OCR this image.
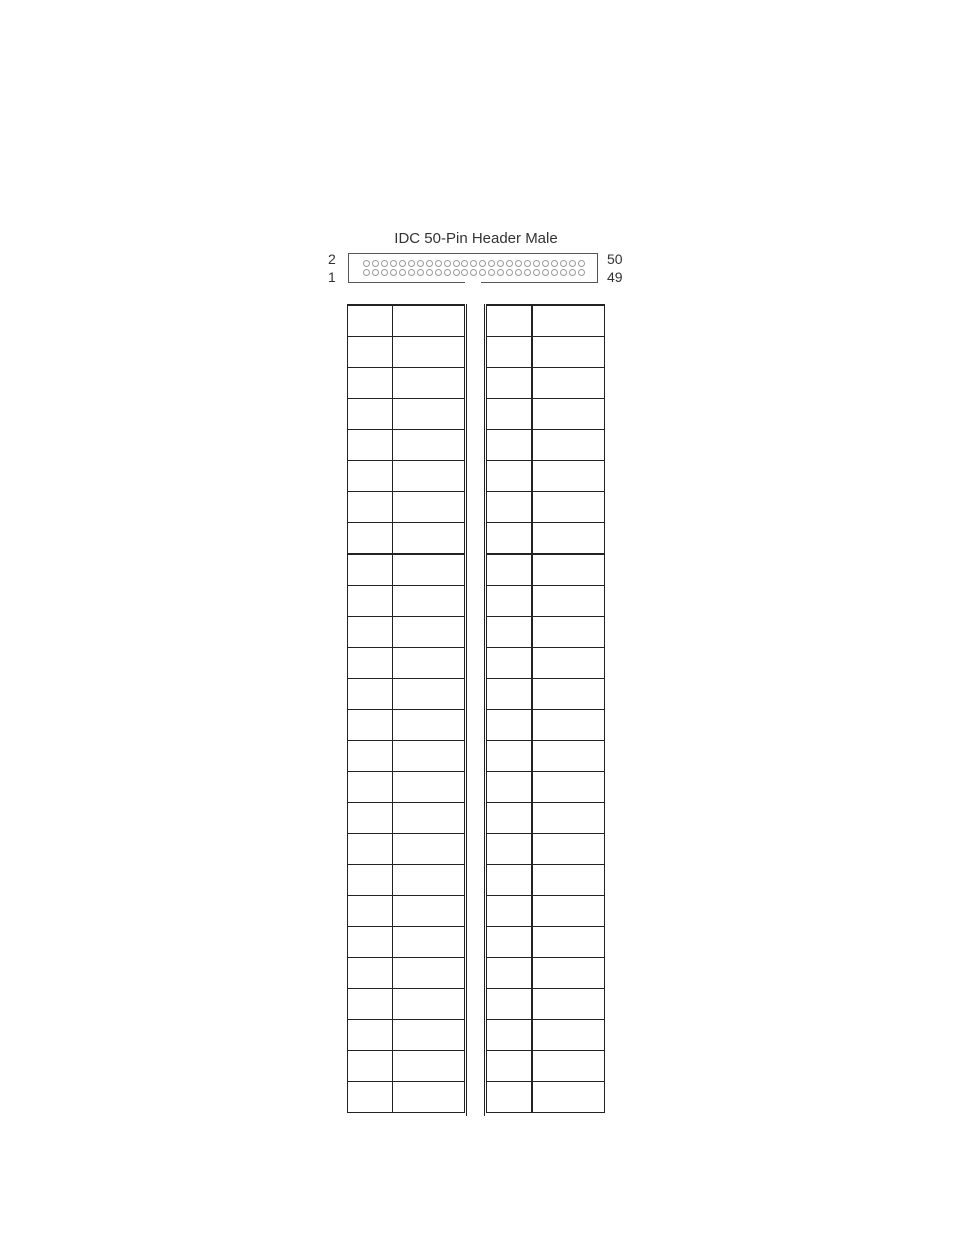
IDC 50-Pin Header Male
2
1
50
49
